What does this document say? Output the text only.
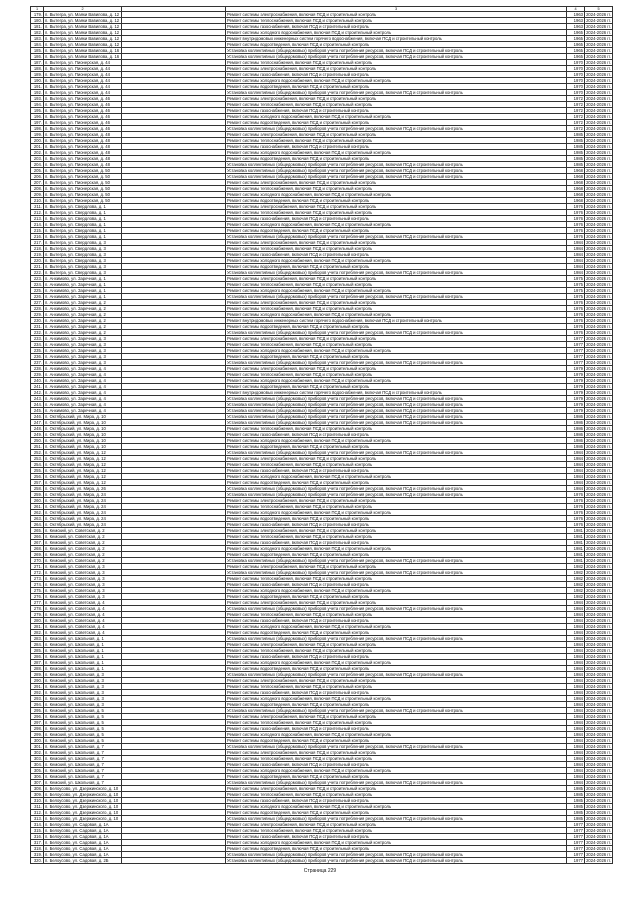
1	2		3	4	5
179.	п. Вытегра, ул. Маяки Вавилова, д. 12		Ремонт системы электроснабжения, включая ПСД и строительный контроль	1963	2024-2026 гг.
180.	п. Вытегра, ул. Маяки Вавилова, д. 12		Ремонт системы теплоснабжения, включая ПСД и строительный контроль	1963	2024-2026 гг.
181.	п. Вытегра, ул. Маяки Вавилова, д. 12		Ремонт системы газоснабжения, включая ПСД и строительный контроль	1963	2024-2026 гг.
182.	п. Вытегра, ул. Маяки Вавилова, д. 12		Ремонт системы холодного водоснабжения, включая ПСД и строительный контроль	1965	2024-2026 гг.
183.	п. Вытегра, ул. Маяки Вавилова, д. 12		Ремонт внутридомовых инженерных систем горячего водоснабжения, включая ПСД и строительный контроль	1965	2024-2026 гг.
184.	п. Вытегра, ул. Маяки Вавилова, д. 12		Ремонт системы водоотведения, включая ПСД и строительный контроль	1965	2024-2026 гг.
185.	п. Вытегра, ул. Маяки Вавилова, д. 16		Установка коллективных (общедомовых) приборов учета потребления ресурсов, включая ПСД и строительный контроль	1965	2024-2026 гг.
186.	п. Вытегра, ул. Маяки Вавилова, д. 16		Установка коллективных (общедомовых) приборов учета потребления ресурсов, включая ПСД и строительный контроль	1965	2024-2026 гг.
187.	п. Вытегра, ул. Пионерская, д. 44		Ремонт системы теплоснабжения, включая ПСД и строительный контроль	1970	2024-2026 гг.
188.	п. Вытегра, ул. Пионерская, д. 44		Ремонт системы электроснабжения, включая ПСД и строительный контроль	1970	2024-2026 гг.
189.	п. Вытегра, ул. Пионерская, д. 44		Ремонт системы газоснабжения, включая ПСД и строительный контроль	1970	2024-2026 гг.
190.	п. Вытегра, ул. Пионерская, д. 44		Ремонт системы холодного водоснабжения, включая ПСД и строительный контроль	1970	2024-2026 гг.
191.	п. Вытегра, ул. Пионерская, д. 44		Ремонт системы водоотведения, включая ПСД и строительный контроль	1970	2024-2026 гг.
192.	п. Вытегра, ул. Пионерская, д. 44		Установка коллективных (общедомовых) приборов учета потребления ресурсов, включая ПСД и строительный контроль	1970	2024-2026 гг.
193.	п. Вытегра, ул. Пионерская, д. 46		Ремонт системы электроснабжения, включая ПСД и строительный контроль	1972	2024-2026 гг.
194.	п. Вытегра, ул. Пионерская, д. 46		Ремонт системы теплоснабжения, включая ПСД и строительный контроль	1972	2024-2026 гг.
195.	п. Вытегра, ул. Пионерская, д. 46		Ремонт системы газоснабжения, включая ПСД и строительный контроль	1972	2024-2026 гг.
196.	п. Вытегра, ул. Пионерская, д. 46		Ремонт системы холодного водоснабжения, включая ПСД и строительный контроль	1972	2024-2026 гг.
197.	п. Вытегра, ул. Пионерская, д. 46		Ремонт системы водоотведения, включая ПСД и строительный контроль	1972	2024-2026 гг.
198.	п. Вытегра, ул. Пионерская, д. 46		Установка коллективных (общедомовых) приборов учета потребления ресурсов, включая ПСД и строительный контроль	1972	2024-2026 гг.
199.	п. Вытегра, ул. Пионерская, д. 48		Ремонт системы электроснабжения, включая ПСД и строительный контроль	1985	2024-2026 гг.
200.	п. Вытегра, ул. Пионерская, д. 48		Ремонт системы теплоснабжения, включая ПСД и строительный контроль	1985	2024-2026 гг.
201.	п. Вытегра, ул. Пионерская, д. 48		Ремонт системы газоснабжения, включая ПСД и строительный контроль	1985	2024-2026 гг.
202.	п. Вытегра, ул. Пионерская, д. 48		Ремонт системы холодного водоснабжения, включая ПСД и строительный контроль	1985	2024-2026 гг.
203.	п. Вытегра, ул. Пионерская, д. 48		Ремонт системы водоотведения, включая ПСД и строительный контроль	1985	2024-2026 гг.
204.	п. Вытегра, ул. Пионерская, д. 48		Установка коллективных (общедомовых) приборов учета потребления ресурсов, включая ПСД и строительный контроль	1985	2024-2026 гг.
205.	п. Вытегра, ул. Пионерская, д. 50		Установка коллективных (общедомовых) приборов учета потребления ресурсов, включая ПСД и строительный контроль	1968	2024-2026 гг.
206.	п. Вытегра, ул. Пионерская, д. 50		Установка коллективных (общедомовых) приборов учета потребления ресурсов, включая ПСД и строительный контроль	1968	2024-2026 гг.
207.	п. Вытегра, ул. Пионерская, д. 50		Ремонт системы электроснабжения, включая ПСД и строительный контроль	1968	2024-2026 гг.
208.	п. Вытегра, ул. Пионерская, д. 50		Ремонт системы теплоснабжения, включая ПСД и строительный контроль	1968	2024-2026 гг.
209.	п. Вытегра, ул. Пионерская, д. 50		Ремонт системы холодного водоснабжения, включая ПСД и строительный контроль	1968	2024-2026 гг.
210.	п. Вытегра, ул. Пионерская, д. 50		Ремонт системы водоотведения, включая ПСД и строительный контроль	1968	2024-2026 гг.
211.	п. Вытегра, ул. Свердлова, д. 1		Ремонт системы электроснабжения, включая ПСД и строительный контроль	1976	2024-2026 гг.
212.	п. Вытегра, ул. Свердлова, д. 1		Ремонт системы теплоснабжения, включая ПСД и строительный контроль	1976	2024-2026 гг.
213.	п. Вытегра, ул. Свердлова, д. 1		Ремонт системы газоснабжения, включая ПСД и строительный контроль	1976	2024-2026 гг.
214.	п. Вытегра, ул. Свердлова, д. 1		Ремонт системы холодного водоснабжения, включая ПСД и строительный контроль	1976	2024-2026 гг.
215.	п. Вытегра, ул. Свердлова, д. 1		Ремонт системы водоотведения, включая ПСД и строительный контроль	1976	2024-2026 гг.
216.	п. Вытегра, ул. Свердлова, д. 1		Установка коллективных (общедомовых) приборов учета потребления ресурсов, включая ПСД и строительный контроль	1976	2024-2026 гг.
217.	п. Вытегра, ул. Свердлова, д. 3		Ремонт системы электроснабжения, включая ПСД и строительный контроль	1984	2024-2026 гг.
218.	п. Вытегра, ул. Свердлова, д. 3		Ремонт системы теплоснабжения, включая ПСД и строительный контроль	1984	2024-2026 гг.
219.	п. Вытегра, ул. Свердлова, д. 3		Ремонт системы газоснабжения, включая ПСД и строительный контроль	1984	2024-2026 гг.
220.	п. Вытегра, ул. Свердлова, д. 3		Ремонт системы холодного водоснабжения, включая ПСД и строительный контроль	1984	2024-2026 гг.
221.	п. Вытегра, ул. Свердлова, д. 3		Ремонт системы водоотведения, включая ПСД и строительный контроль	1984	2024-2026 гг.
222.	п. Вытегра, ул. Свердлова, д. 3		Установка коллективных (общедомовых) приборов учета потребления ресурсов, включая ПСД и строительный контроль	1984	2024-2026 гг.
223.	п. Анхимово, ул. Заречная, д. 1		Ремонт системы электроснабжения, включая ПСД и строительный контроль	1975	2024-2026 гг.
224.	п. Анхимово, ул. Заречная, д. 1		Ремонт системы теплоснабжения, включая ПСД и строительный контроль	1975	2024-2026 гг.
225.	п. Анхимово, ул. Заречная, д. 1		Ремонт системы холодного водоснабжения, включая ПСД и строительный контроль	1975	2024-2026 гг.
226.	п. Анхимово, ул. Заречная, д. 1		Установка коллективных (общедомовых) приборов учета потребления ресурсов, включая ПСД и строительный контроль	1975	2024-2026 гг.
227.	п. Анхимово, ул. Заречная, д. 2		Ремонт системы электроснабжения, включая ПСД и строительный контроль	1976	2024-2026 гг.
228.	п. Анхимово, ул. Заречная, д. 2		Ремонт системы теплоснабжения, включая ПСД и строительный контроль	1976	2024-2026 гг.
229.	п. Анхимово, ул. Заречная, д. 2		Ремонт системы холодного водоснабжения, включая ПСД и строительный контроль	1976	2024-2026 гг.
230.	п. Анхимово, ул. Заречная, д. 2		Ремонт внутридомовых инженерных систем горячего водоснабжения, включая ПСД и строительный контроль	1976	2024-2026 гг.
231.	п. Анхимово, ул. Заречная, д. 2		Ремонт системы водоотведения, включая ПСД и строительный контроль	1976	2024-2026 гг.
232.	п. Анхимово, ул. Заречная, д. 2		Установка коллективных (общедомовых) приборов учета потребления ресурсов, включая ПСД и строительный контроль	1976	2024-2026 гг.
233.	п. Анхимово, ул. Заречная, д. 3		Ремонт системы электроснабжения, включая ПСД и строительный контроль	1977	2024-2026 гг.
234.	п. Анхимово, ул. Заречная, д. 3		Ремонт системы теплоснабжения, включая ПСД и строительный контроль	1977	2024-2026 гг.
235.	п. Анхимово, ул. Заречная, д. 3		Ремонт системы холодного водоснабжения, включая ПСД и строительный контроль	1977	2024-2026 гг.
236.	п. Анхимово, ул. Заречная, д. 3		Ремонт системы водоотведения, включая ПСД и строительный контроль	1977	2024-2026 гг.
237.	п. Анхимово, ул. Заречная, д. 3		Установка коллективных (общедомовых) приборов учета потребления ресурсов, включая ПСД и строительный контроль	1977	2024-2026 гг.
238.	п. Анхимово, ул. Заречная, д. 4		Ремонт системы электроснабжения, включая ПСД и строительный контроль	1979	2024-2026 гг.
239.	п. Анхимово, ул. Заречная, д. 4		Ремонт системы теплоснабжения, включая ПСД и строительный контроль	1979	2024-2026 гг.
240.	п. Анхимово, ул. Заречная, д. 4		Ремонт системы холодного водоснабжения, включая ПСД и строительный контроль	1979	2024-2026 гг.
241.	п. Анхимово, ул. Заречная, д. 4		Ремонт системы водоотведения, включая ПСД и строительный контроль	1979	2024-2026 гг.
242.	п. Анхимово, ул. Заречная, д. 4		Ремонт внутридомовых инженерных систем горячего водоснабжения, включая ПСД и строительный контроль	1979	2024-2026 гг.
243.	п. Анхимово, ул. Заречная, д. 4		Установка коллективных (общедомовых) приборов учета потребления ресурсов, включая ПСД и строительный контроль	1979	2024-2026 гг.
244.	п. Анхимово, ул. Заречная, д. 4		Установка коллективных (общедомовых) приборов учета потребления ресурсов, включая ПСД и строительный контроль	1979	2024-2026 гг.
245.	п. Анхимово, ул. Заречная, д. 4		Установка коллективных (общедомовых) приборов учета потребления ресурсов, включая ПСД и строительный контроль	1979	2024-2026 гг.
246.	п. Октябрьский, ул. Мира, д. 10		Установка коллективных (общедомовых) приборов учета потребления ресурсов, включая ПСД и строительный контроль	1986	2024-2026 гг.
247.	п. Октябрьский, ул. Мира, д. 10		Установка коллективных (общедомовых) приборов учета потребления ресурсов, включая ПСД и строительный контроль	1986	2024-2026 гг.
248.	п. Октябрьский, ул. Мира, д. 10		Ремонт системы теплоснабжения, включая ПСД и строительный контроль	1986	2024-2026 гг.
249.	п. Октябрьский, ул. Мира, д. 10		Ремонт системы газоснабжения, включая ПСД и строительный контроль	1986	2024-2026 гг.
250.	п. Октябрьский, ул. Мира, д. 10		Ремонт системы холодного водоснабжения, включая ПСД и строительный контроль	1986	2024-2026 гг.
251.	п. Октябрьский, ул. Мира, д. 10		Ремонт системы водоотведения, включая ПСД и строительный контроль	1986	2024-2026 гг.
252.	п. Октябрьский, ул. Мира, д. 12		Установка коллективных (общедомовых) приборов учета потребления ресурсов, включая ПСД и строительный контроль	1984	2024-2026 гг.
253.	п. Октябрьский, ул. Мира, д. 12		Ремонт системы электроснабжения, включая ПСД и строительный контроль	1984	2024-2026 гг.
254.	п. Октябрьский, ул. Мира, д. 12		Ремонт системы теплоснабжения, включая ПСД и строительный контроль	1984	2024-2026 гг.
255.	п. Октябрьский, ул. Мира, д. 12		Ремонт системы газоснабжения, включая ПСД и строительный контроль	1984	2024-2026 гг.
256.	п. Октябрьский, ул. Мира, д. 12		Ремонт системы холодного водоснабжения, включая ПСД и строительный контроль	1984	2024-2026 гг.
257.	п. Октябрьский, ул. Мира, д. 12		Ремонт системы водоотведения, включая ПСД и строительный контроль	1984	2024-2026 гг.
258.	п. Октябрьский, ул. Мира, д. 26		Установка коллективных (общедомовых) приборов учета потребления ресурсов, включая ПСД и строительный контроль	1984	2024-2026 гг.
259.	п. Октябрьский, ул. Мира, д. 24		Установка коллективных (общедомовых) приборов учета потребления ресурсов, включая ПСД и строительный контроль	1976	2024-2026 гг.
260.	п. Октябрьский, ул. Мира, д. 24		Ремонт системы электроснабжения, включая ПСД и строительный контроль	1976	2024-2026 гг.
261.	п. Октябрьский, ул. Мира, д. 24		Ремонт системы теплоснабжения, включая ПСД и строительный контроль	1976	2024-2026 гг.
262.	п. Октябрьский, ул. Мира, д. 24		Ремонт системы холодного водоснабжения, включая ПСД и строительный контроль	1976	2024-2026 гг.
263.	п. Октябрьский, ул. Мира, д. 24		Ремонт системы водоотведения, включая ПСД и строительный контроль	1976	2024-2026 гг.
264.	п. Октябрьский, ул. Мира, д. 24		Ремонт системы газоснабжения, включая ПСД и строительный контроль	1976	2024-2026 гг.
265.	п. Кемский, ул. Советская, д. 2		Ремонт системы электроснабжения, включая ПСД и строительный контроль	1981	2024-2026 гг.
266.	п. Кемский, ул. Советская, д. 2		Ремонт системы теплоснабжения, включая ПСД и строительный контроль	1981	2024-2026 гг.
267.	п. Кемский, ул. Советская, д. 2		Ремонт системы газоснабжения, включая ПСД и строительный контроль	1981	2024-2026 гг.
268.	п. Кемский, ул. Советская, д. 2		Ремонт системы холодного водоснабжения, включая ПСД и строительный контроль	1981	2024-2026 гг.
269.	п. Кемский, ул. Советская, д. 2		Ремонт системы водоотведения, включая ПСД и строительный контроль	1981	2024-2026 гг.
270.	п. Кемский, ул. Советская, д. 2		Установка коллективных (общедомовых) приборов учета потребления ресурсов, включая ПСД и строительный контроль	1981	2024-2026 гг.
271.	п. Кемский, ул. Советская, д. 3		Ремонт системы электроснабжения, включая ПСД и строительный контроль	1982	2024-2026 гг.
272.	п. Кемский, ул. Советская, д. 3		Установка коллективных (общедомовых) приборов учета потребления ресурсов, включая ПСД и строительный контроль	1982	2024-2026 гг.
273.	п. Кемский, ул. Советская, д. 3		Ремонт системы теплоснабжения, включая ПСД и строительный контроль	1982	2024-2026 гг.
274.	п. Кемский, ул. Советская, д. 3		Ремонт системы газоснабжения, включая ПСД и строительный контроль	1982	2024-2026 гг.
275.	п. Кемский, ул. Советская, д. 3		Ремонт системы холодного водоснабжения, включая ПСД и строительный контроль	1982	2024-2026 гг.
276.	п. Кемский, ул. Советская, д. 3		Ремонт системы водоотведения, включая ПСД и строительный контроль	1982	2024-2026 гг.
277.	п. Кемский, ул. Советская, д. 4		Ремонт системы электроснабжения, включая ПСД и строительный контроль	1984	2024-2026 гг.
278.	п. Кемский, ул. Советская, д. 4		Установка коллективных (общедомовых) приборов учета потребления ресурсов, включая ПСД и строительный контроль	1984	2024-2026 гг.
279.	п. Кемский, ул. Советская, д. 4		Ремонт системы теплоснабжения, включая ПСД и строительный контроль	1984	2024-2026 гг.
280.	п. Кемский, ул. Советская, д. 4		Ремонт системы газоснабжения, включая ПСД и строительный контроль	1984	2024-2026 гг.
281.	п. Кемский, ул. Советская, д. 4		Ремонт системы холодного водоснабжения, включая ПСД и строительный контроль	1984	2024-2026 гг.
282.	п. Кемский, ул. Советская, д. 4		Ремонт системы водоотведения, включая ПСД и строительный контроль	1984	2024-2026 гг.
283.	п. Кемский, ул. Школьная, д. 1		Установка коллективных (общедомовых) приборов учета потребления ресурсов, включая ПСД и строительный контроль	1984	2024-2026 гг.
284.	п. Кемский, ул. Школьная, д. 1		Ремонт системы электроснабжения, включая ПСД и строительный контроль	1984	2024-2026 гг.
285.	п. Кемский, ул. Школьная, д. 1		Ремонт системы теплоснабжения, включая ПСД и строительный контроль	1984	2024-2026 гг.
286.	п. Кемский, ул. Школьная, д. 1		Ремонт системы газоснабжения, включая ПСД и строительный контроль	1984	2024-2026 гг.
287.	п. Кемский, ул. Школьная, д. 1		Ремонт системы холодного водоснабжения, включая ПСД и строительный контроль	1984	2024-2026 гг.
288.	п. Кемский, ул. Школьная, д. 1		Ремонт системы водоотведения, включая ПСД и строительный контроль	1984	2024-2026 гг.
289.	п. Кемский, ул. Школьная, д. 3		Установка коллективных (общедомовых) приборов учета потребления ресурсов, включая ПСД и строительный контроль	1984	2024-2026 гг.
290.	п. Кемский, ул. Школьная, д. 3		Ремонт системы электроснабжения, включая ПСД и строительный контроль	1984	2024-2026 гг.
291.	п. Кемский, ул. Школьная, д. 3		Ремонт системы теплоснабжения, включая ПСД и строительный контроль	1984	2024-2026 гг.
292.	п. Кемский, ул. Школьная, д. 3		Ремонт системы газоснабжения, включая ПСД и строительный контроль	1984	2024-2026 гг.
293.	п. Кемский, ул. Школьная, д. 3		Ремонт системы холодного водоснабжения, включая ПСД и строительный контроль	1984	2024-2026 гг.
294.	п. Кемский, ул. Школьная, д. 3		Ремонт системы водоотведения, включая ПСД и строительный контроль	1984	2024-2026 гг.
295.	п. Кемский, ул. Школьная, д. 5		Установка коллективных (общедомовых) приборов учета потребления ресурсов, включая ПСД и строительный контроль	1984	2024-2026 гг.
296.	п. Кемский, ул. Школьная, д. 5		Ремонт системы электроснабжения, включая ПСД и строительный контроль	1984	2024-2026 гг.
297.	п. Кемский, ул. Школьная, д. 5		Ремонт системы теплоснабжения, включая ПСД и строительный контроль	1984	2024-2026 гг.
298.	п. Кемский, ул. Школьная, д. 5		Ремонт системы газоснабжения, включая ПСД и строительный контроль	1984	2024-2026 гг.
299.	п. Кемский, ул. Школьная, д. 5		Ремонт системы холодного водоснабжения, включая ПСД и строительный контроль	1984	2024-2026 гг.
300.	п. Кемский, ул. Школьная, д. 5		Ремонт системы водоотведения, включая ПСД и строительный контроль	1984	2024-2026 гг.
301.	п. Кемский, ул. Школьная, д. 7		Установка коллективных (общедомовых) приборов учета потребления ресурсов, включая ПСД и строительный контроль	1984	2024-2026 гг.
302.	п. Кемский, ул. Школьная, д. 7		Ремонт системы электроснабжения, включая ПСД и строительный контроль	1984	2024-2026 гг.
303.	п. Кемский, ул. Школьная, д. 7		Ремонт системы теплоснабжения, включая ПСД и строительный контроль	1984	2024-2026 гг.
304.	п. Кемский, ул. Школьная, д. 7		Ремонт системы газоснабжения, включая ПСД и строительный контроль	1984	2024-2026 гг.
305.	п. Кемский, ул. Школьная, д. 7		Ремонт системы холодного водоснабжения, включая ПСД и строительный контроль	1984	2024-2026 гг.
306.	п. Кемский, ул. Школьная, д. 7		Ремонт системы водоотведения, включая ПСД и строительный контроль	1984	2024-2026 гг.
307.	п. Кемский, ул. Школьная, д. 7		Установка коллективных (общедомовых) приборов учета потребления ресурсов, включая ПСД и строительный контроль	1984	2024-2026 гг.
308.	п. Белоусово, ул. Дзержинского, д. 10		Ремонт системы электроснабжения, включая ПСД и строительный контроль	1985	2024-2026 гг.
309.	п. Белоусово, ул. Дзержинского, д. 10		Ремонт системы теплоснабжения, включая ПСД и строительный контроль	1985	2024-2026 гг.
310.	п. Белоусово, ул. Дзержинского, д. 10		Ремонт системы газоснабжения, включая ПСД и строительный контроль	1985	2024-2026 гг.
311.	п. Белоусово, ул. Дзержинского, д. 10		Ремонт системы холодного водоснабжения, включая ПСД и строительный контроль	1985	2024-2026 гг.
312.	п. Белоусово, ул. Дзержинского, д. 10		Ремонт системы водоотведения, включая ПСД и строительный контроль	1985	2024-2026 гг.
313.	п. Белоусово, ул. Дзержинского, д. 10		Установка коллективных (общедомовых) приборов учета потребления ресурсов, включая ПСД и строительный контроль	1985	2024-2026 гг.
314.	п. Белоусово, ул. Садовая, д. 1А		Ремонт системы электроснабжения, включая ПСД и строительный контроль	1977	2024-2026 гг.
315.	п. Белоусово, ул. Садовая, д. 1А		Ремонт системы теплоснабжения, включая ПСД и строительный контроль	1977	2024-2026 гг.
316.	п. Белоусово, ул. Садовая, д. 1А		Ремонт системы газоснабжения, включая ПСД и строительный контроль	1977	2024-2026 гг.
317.	п. Белоусово, ул. Садовая, д. 1А		Ремонт системы холодного водоснабжения, включая ПСД и строительный контроль	1977	2024-2026 гг.
318.	п. Белоусово, ул. Садовая, д. 1А		Ремонт системы водоотведения, включая ПСД и строительный контроль	1977	2024-2026 гг.
319.	п. Белоусово, ул. Садовая, д. 1А		Установка коллективных (общедомовых) приборов учета потребления ресурсов, включая ПСД и строительный контроль	1977	2024-2026 гг.
320.	п. Белоусово, ул. Садовая, д. 2Б		Установка коллективных (общедомовых) приборов учета потребления ресурсов, включая ПСД и строительный контроль	1977	2024-2026 гг.
Страница 229
